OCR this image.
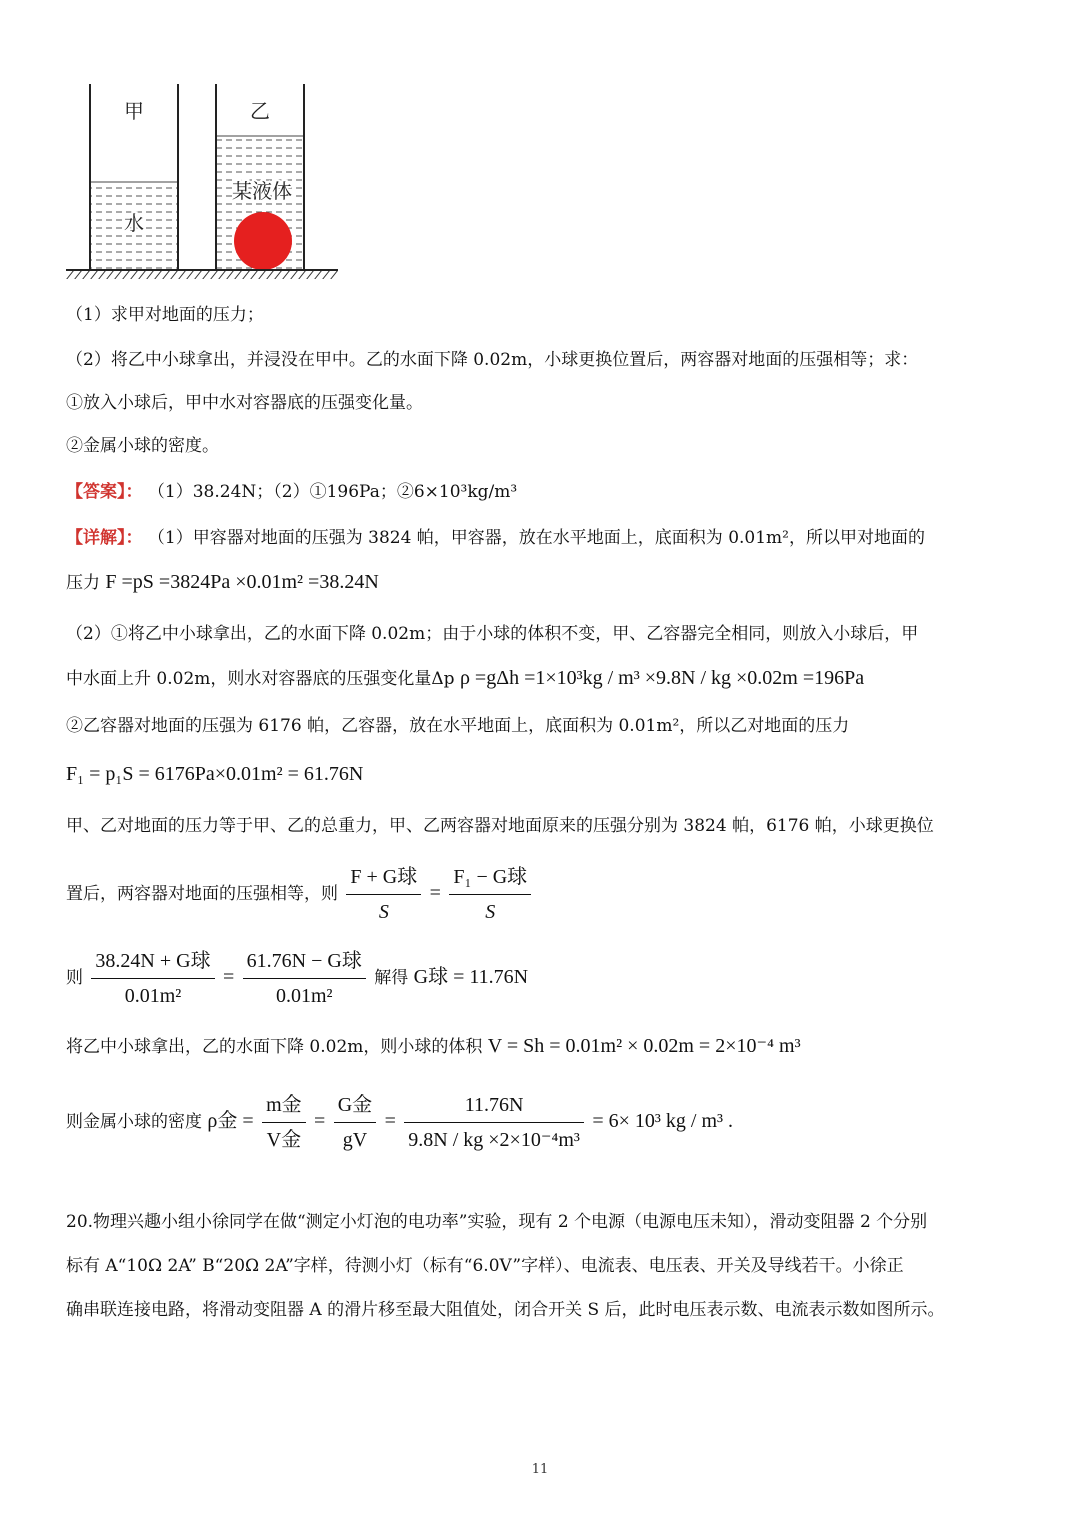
甲	乙
水
某液体
（1）求甲对地面的压力；
（2）将乙中小球拿出，并浸没在甲中。乙的水面下降 0.02m，小球更换位置后，两容器对地面的压强相等；求：
①放入小球后，甲中水对容器底的压强变化量。
②金属小球的密度。
【答案】： （1）38.24N；（2）①196Pa；②6×10³kg/m³
【详解】： （1）甲容器对地面的压强为 3824 帕，甲容器，放在水平地面上，底面积为 0.01m²，所以甲对地面的
压力 F =pS =3824Pa ×0.01m² =38.24N
（2）①将乙中小球拿出，乙的水面下降 0.02m；由于小球的体积不变，甲、乙容器完全相同，则放入小球后，甲
中水面上升 0.02m，则水对容器底的压强变化量Δp ρ =gΔh =1×10³kg / m³ ×9.8N / kg ×0.02m =196Pa
②乙容器对地面的压强为 6176 帕，乙容器，放在水平地面上，底面积为 0.01m²，所以乙对地面的压力
F₁ = p₁S = 6176Pa×0.01m² = 61.76N
甲、乙对地面的压力等于甲、乙的总重力，甲、乙两容器对地面原来的压强分别为 3824 帕，6176 帕，小球更换位
置后，两容器对地面的压强相等，则 $\frac{\text{F + G球}}{S} = \frac{\text{F₁ − G球}}{S}$
则 $\frac{\text{38.24N + G球}}{\text{0.01m²}} = \frac{\text{61.76N − G球}}{\text{0.01m²}}$ 解得 G球 = 11.76N
将乙中小球拿出，乙的水面下降 0.02m，则小球的体积 V = Sh = 0.01m² × 0.02m = 2×10⁻⁴ m³
则金属小球的密度 ρ金 = $\frac{\text{m金}}{\text{V金}} = \frac{\text{G金}}{gV} = \frac{11.76N}{\text{9.8N / kg ×2×10⁻⁴m³}} = 6\times 10^3$ kg / m³ .
20.物理兴趣小组小徐同学在做“测定小灯泡的电功率”实验，现有 2 个电源（电源电压未知），滑动变阻器 2 个分别
标有 A“10Ω 2A” B“20Ω 2A”字样，待测小灯（标有“6.0V”字样）、电流表、电压表、开关及导线若干。小徐正
确串联连接电路，将滑动变阻器 A 的滑片移至最大阻值处，闭合开关 S 后，此时电压表示数、电流表示数如图所示。
11
